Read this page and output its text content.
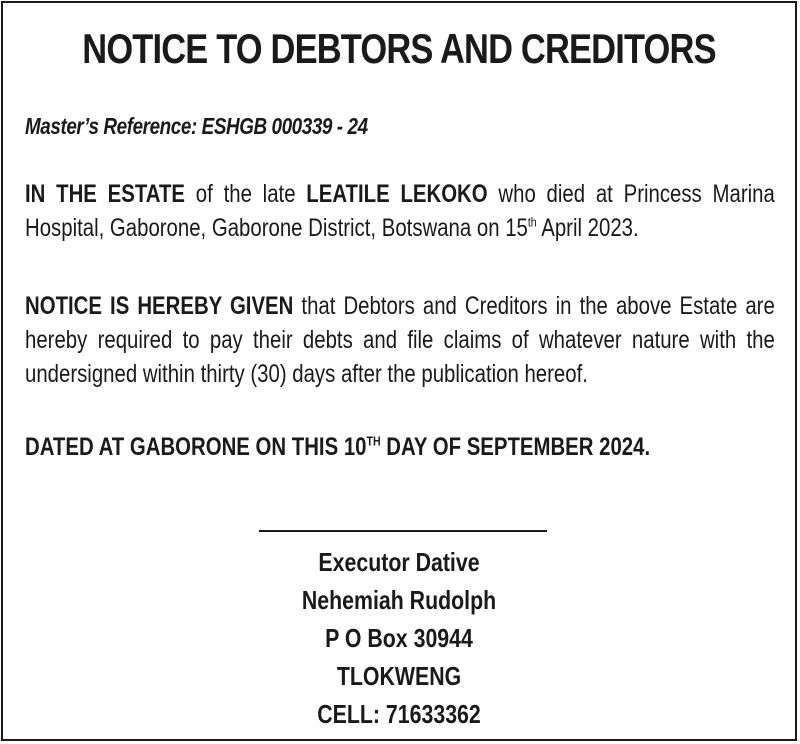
NOTICE TO DEBTORS AND CREDITORS
Master’s Reference: ESHGB 000339 - 24
IN THE ESTATE of the late LEATILE LEKOKO who died at Princess Marina Hospital, Gaborone, Gaborone District, Botswana on 15th April 2023.
NOTICE IS HEREBY GIVEN that Debtors and Creditors in the above Estate are hereby required to pay their debts and file claims of whatever nature with the undersigned within thirty (30) days after the publication hereof.
DATED AT GABORONE ON THIS 10TH DAY OF SEPTEMBER 2024.
Executor Dative
Nehemiah Rudolph
P O Box 30944
TLOKWENG
CELL: 71633362
